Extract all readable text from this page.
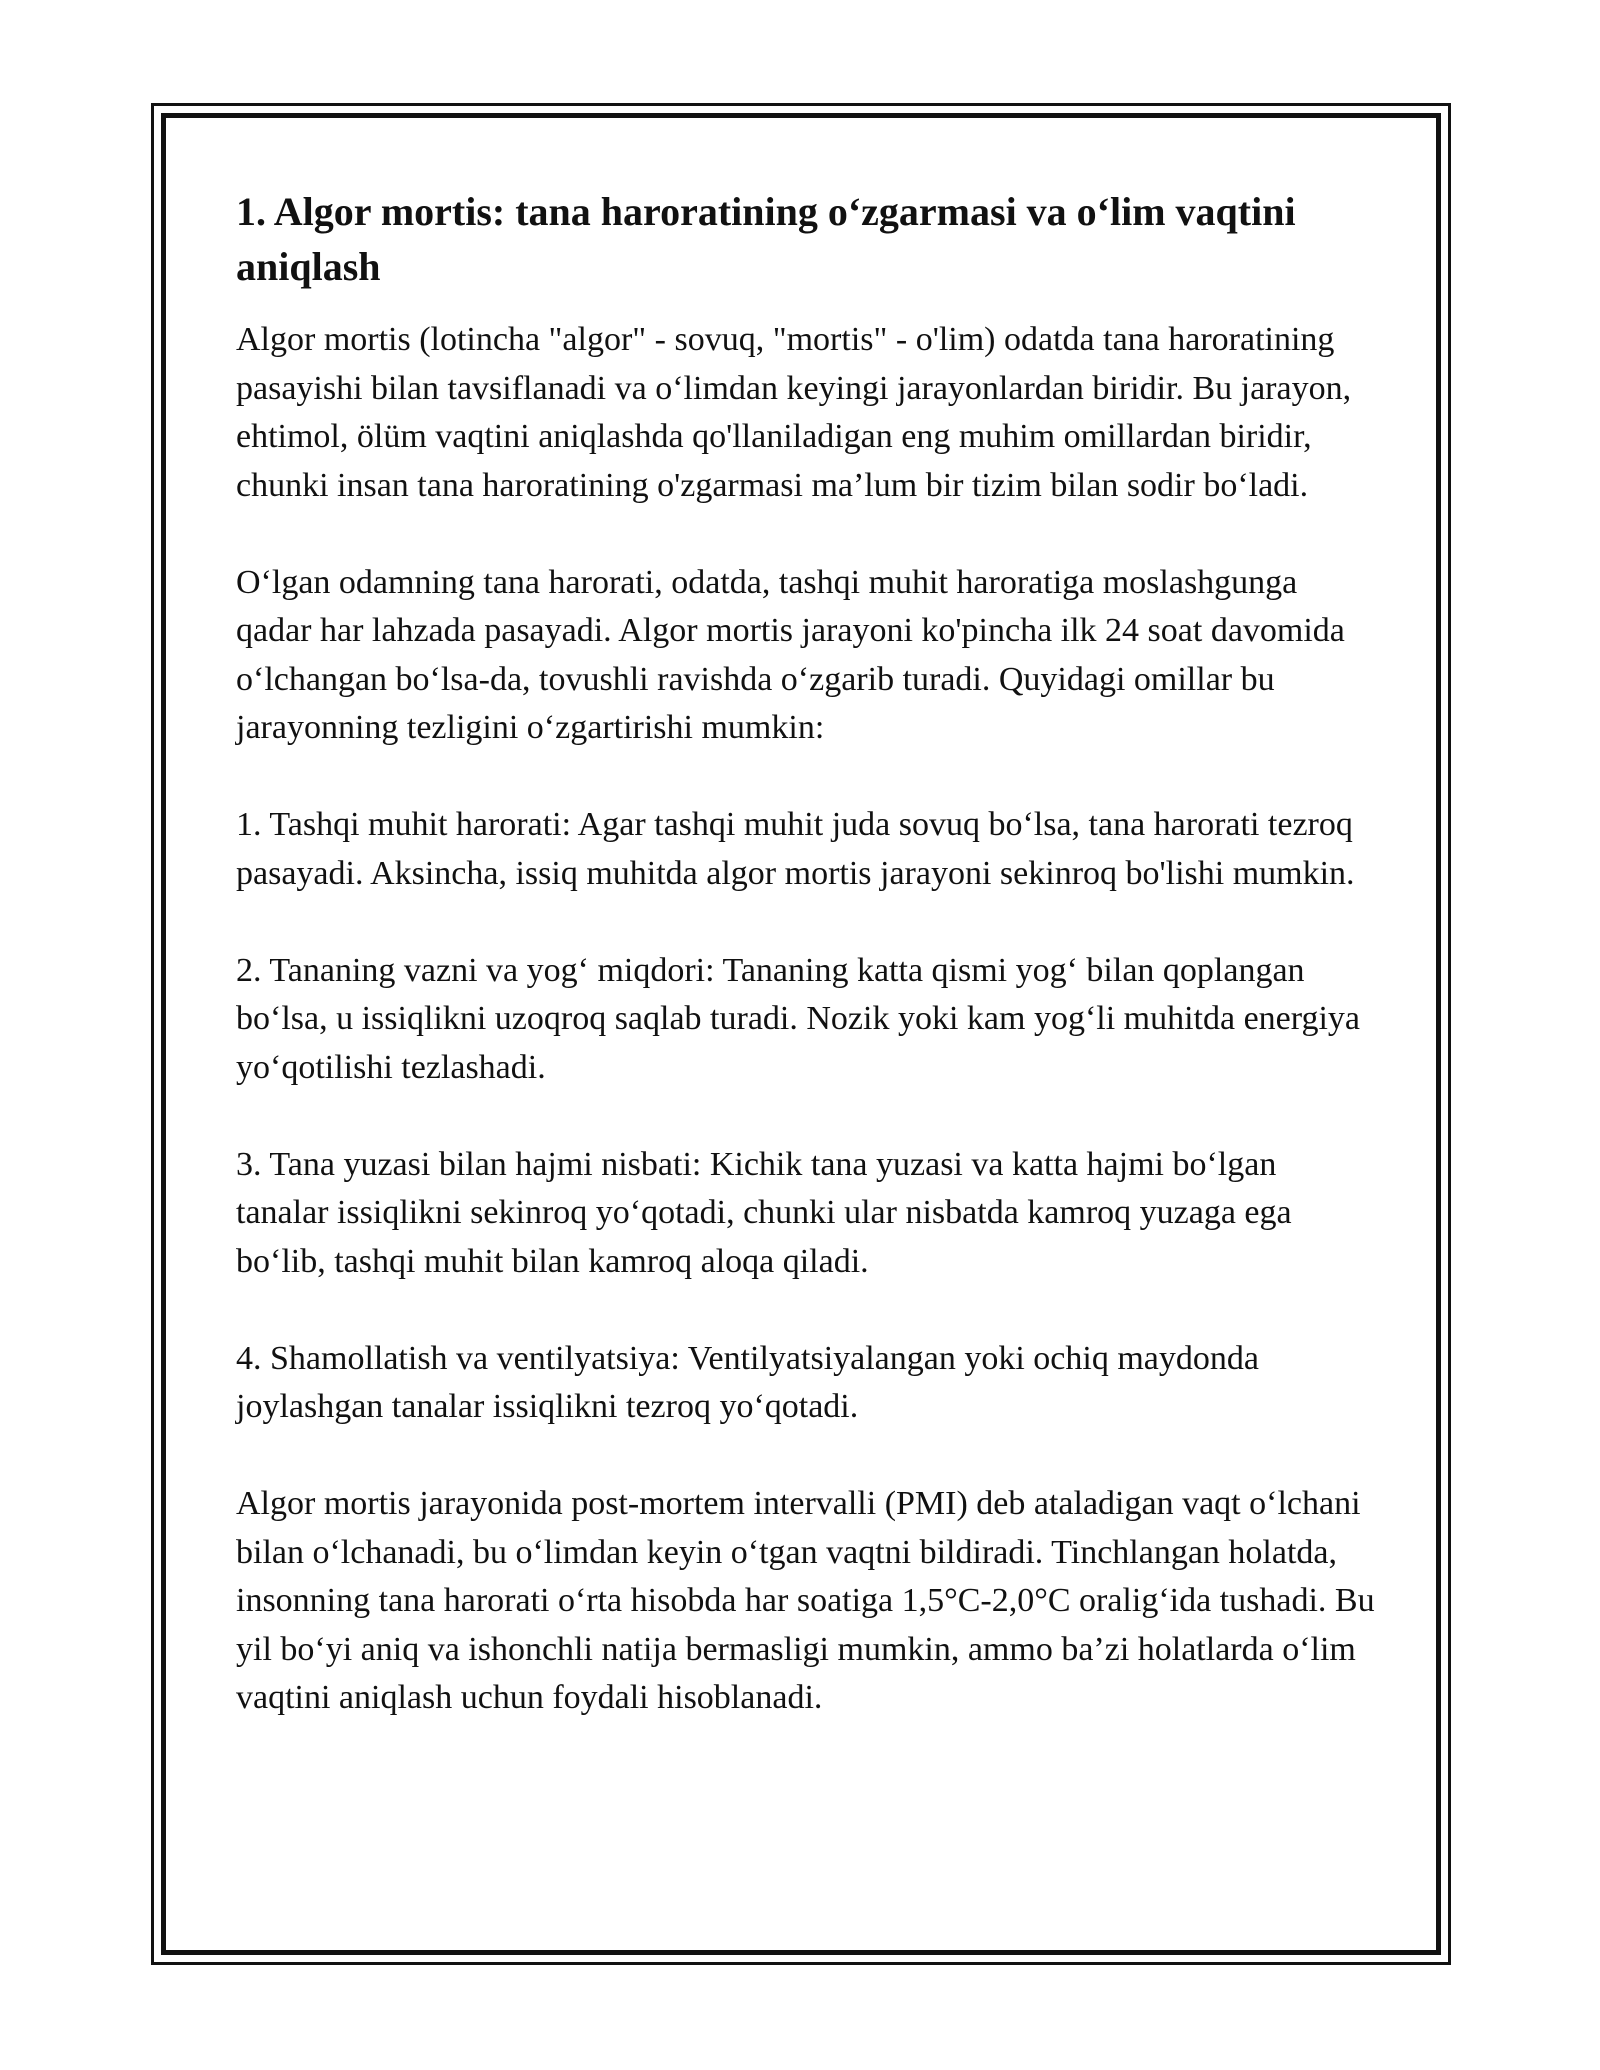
1. Algor mortis: tana haroratining o‘zgarmasi va o‘lim vaqtini aniqlash

Algor mortis (lotincha "algor" - sovuq, "mortis" - o'lim) odatda tana haroratining pasayishi bilan tavsiflanadi va o‘limdan keyingi jarayonlardan biridir. Bu jarayon, ehtimol, ölüm vaqtini aniqlashda qo'llaniladigan eng muhim omillardan biridir, chunki insan tana haroratining o'zgarmasi ma’lum bir tizim bilan sodir bo‘ladi.

O‘lgan odamning tana harorati, odatda, tashqi muhit haroratiga moslashgunga qadar har lahzada pasayadi. Algor mortis jarayoni ko'pincha ilk 24 soat davomida o‘lchangan bo‘lsa-da, tovushli ravishda o‘zgarib turadi. Quyidagi omillar bu jarayonning tezligini o‘zgartirishi mumkin:

1. Tashqi muhit harorati: Agar tashqi muhit juda sovuq bo‘lsa, tana harorati tezroq pasayadi. Aksincha, issiq muhitda algor mortis jarayoni sekinroq bo'lishi mumkin.

2. Tananing vazni va yog‘ miqdori: Tananing katta qismi yog‘ bilan qoplangan bo‘lsa, u issiqlikni uzoqroq saqlab turadi. Nozik yoki kam yog‘li muhitda energiya yo‘qotilishi tezlashadi.

3. Tana yuzasi bilan hajmi nisbati: Kichik tana yuzasi va katta hajmi bo‘lgan tanalar issiqlikni sekinroq yo‘qotadi, chunki ular nisbatda kamroq yuzaga ega bo‘lib, tashqi muhit bilan kamroq aloqa qiladi.

4. Shamollatish va ventilyatsiya: Ventilyatsiyalangan yoki ochiq maydonda joylashgan tanalar issiqlikni tezroq yo‘qotadi.

Algor mortis jarayonida post-mortem intervalli (PMI) deb ataladigan vaqt o‘lchani bilan o‘lchanadi, bu o‘limdan keyin o‘tgan vaqtni bildiradi. Tinchlangan holatda, insonning tana harorati o‘rta hisobda har soatiga 1,5°C-2,0°C oralig‘ida tushadi. Bu yil bo‘yi aniq va ishonchli natija bermasligi mumkin, ammo ba’zi holatlarda o‘lim vaqtini aniqlash uchun foydali hisoblanadi.
